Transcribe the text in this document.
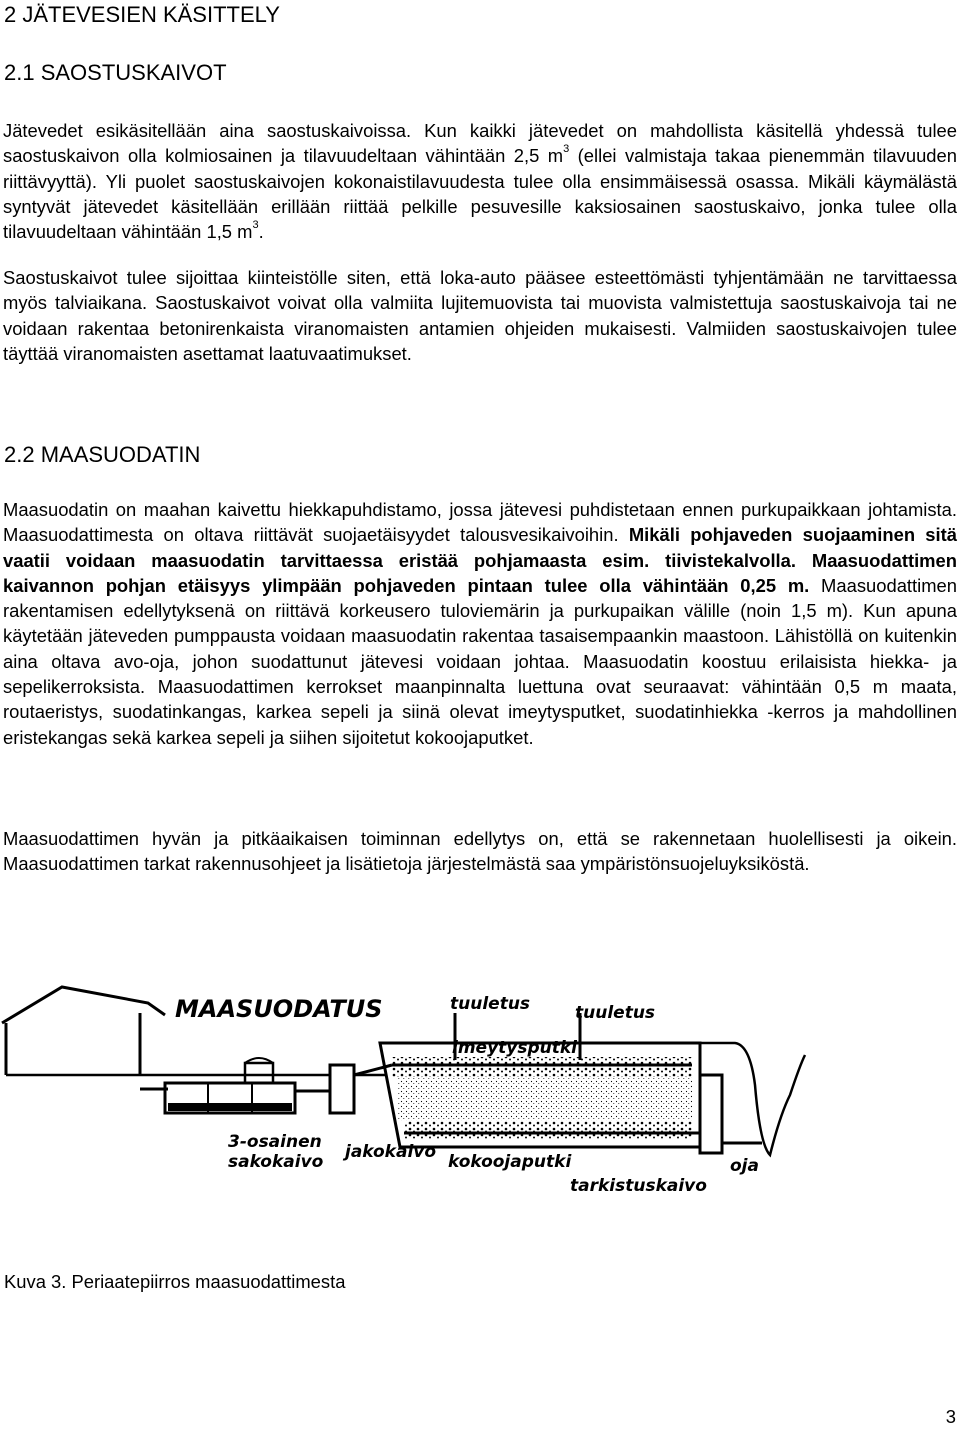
2 JÄTEVESIEN KÄSITTELY
2.1 SAOSTUSKAIVOT

Jätevedet esikäsitellään aina saostuskaivoissa. Kun kaikki jätevedet on mahdollista käsitellä yhdessä tulee saostuskaivon olla kolmiosainen ja tilavuudeltaan vähintään 2,5 $m^3$ (ellei valmistaja takaa pienemmän tilavuuden riittävyyttä). Yli puolet saostuskaivojen kokonaistilavuudesta tulee olla ensimmäisessä osassa. Mikäli käymälästä syntyvät jätevedet käsitellään erillään riittää pelkille pesuvesille kaksiosainen saostuskaivo, jonka tulee olla tilavuudeltaan vähintään 1,5 $m^3$.

Saostuskaivot tulee sijoittaa kiinteistölle siten, että loka-auto pääsee esteettömästi tyhjentämään ne tarvittaessa myös talviaikana. Saostuskaivot voivat olla valmiita lujitemuovista tai muovista valmistettuja saostuskaivoja tai ne voidaan rakentaa betonirenkaista viranomaisten antamien ohjeiden mukaisesti. Valmiiden saostuskaivojen tulee täyttää viranomaisten asettamat laatuvaatimukset.

2.2 MAASUODATIN

Maasuodatin on maahan kaivettu hiekkapuhdistamo, jossa jätevesi puhdistetaan ennen purkupaikkaan johtamista. Maasuodattimesta on oltava riittävät suojaetäisyydet talousvesikaivoihin. Mikäli pohjaveden suojaaminen sitä vaatii voidaan maasuodatin tarvittaessa eristää pohjamaasta esim. tiivistekalvolla. Maasuodattimen kaivannon pohjan etäisyys ylimpään pohjaveden pintaan tulee olla vähintään 0,25 m. Maasuodattimen rakentamisen edellytyksenä on riittävä korkeusero tuloviemärin ja purkupaikan välille (noin 1,5 m). Kun apuna käytetään jäteveden pumppausta voidaan maasuodatin rakentaa tasaisempaankin maastoon. Lähistöllä on kuitenkin aina oltava avo-oja, johon suodattunut jätevesi voidaan johtaa. Maasuodatin koostuu erilaisista hiekka- ja sepelikerroksista. Maasuodattimen kerrokset maanpinnalta luettuna ovat seuraavat: vähintään 0,5 m maata, routaeristys, suodatinkangas, karkea sepeli ja siinä olevat imeytysputket, suodatinhiekka -kerros ja mahdollinen eristekangas sekä karkea sepeli ja siihen sijoitetut kokoojaputket.

Maasuodattimen hyvän ja pitkäaikaisen toiminnan edellytys on, että se rakennetaan huolellisesti ja oikein. Maasuodattimen tarkat rakennusohjeet ja lisätietoja järjestelmästä saa ympäristönsuojeluyksiköstä.

MAASUODATUS	tuuletus	tuuletus
imeytysputki
3-osainen
sakokaivo jakokaivo kokoojaputki
tarkistuskaivo
oja

Kuva 3. Periaatepiirros maasuodattimesta

3
